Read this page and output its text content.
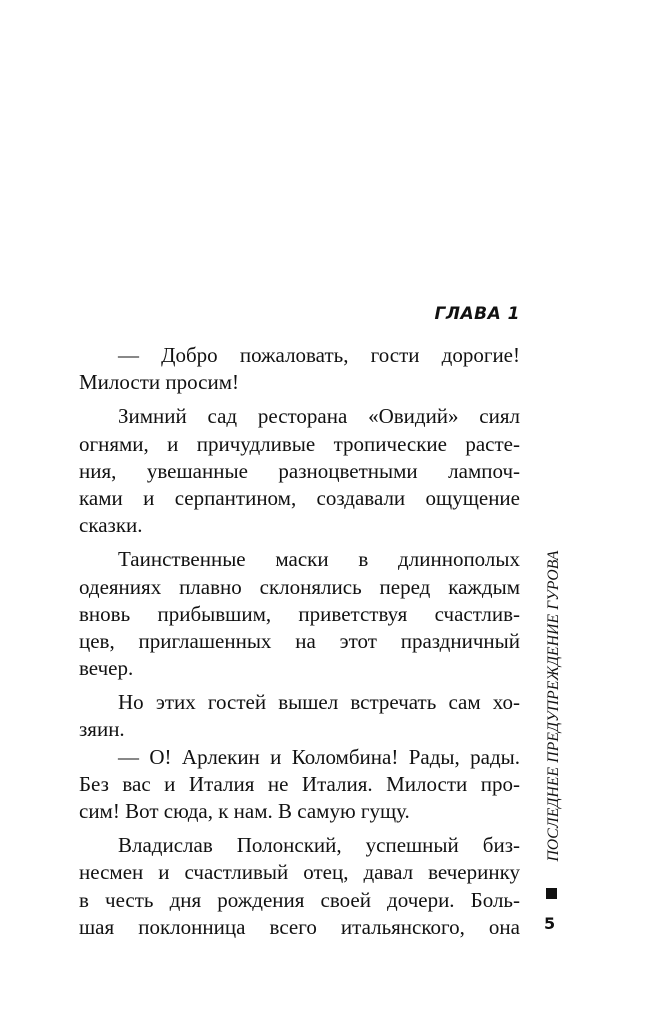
ГЛАВА 1
— Добро пожаловать, гости дорогие!
Милости просим!
Зимний сад ресторана «Овидий» сиял
огнями, и причудливые тропические расте-
ния, увешанные разноцветными лампоч-
ками и серпантином, создавали ощущение
сказки.
Таинственные маски в длиннополых
одеяниях плавно склонялись перед каждым
вновь прибывшим, приветствуя счастлив-
цев, приглашенных на этот праздничный
вечер.
Но этих гостей вышел встречать сам хо-
зяин.
— О! Арлекин и Коломбина! Рады, рады.
Без вас и Италия не Италия. Милости про-
сим! Вот сюда, к нам. В самую гущу.
Владислав Полонский, успешный биз-
несмен и счастливый отец, давал вечеринку
в честь дня рождения своей дочери. Боль-
шая поклонница всего итальянского, она
ПОСЛЕДНЕЕ ПРЕДУПРЕЖДЕНИЕ ГУРОВА

5
